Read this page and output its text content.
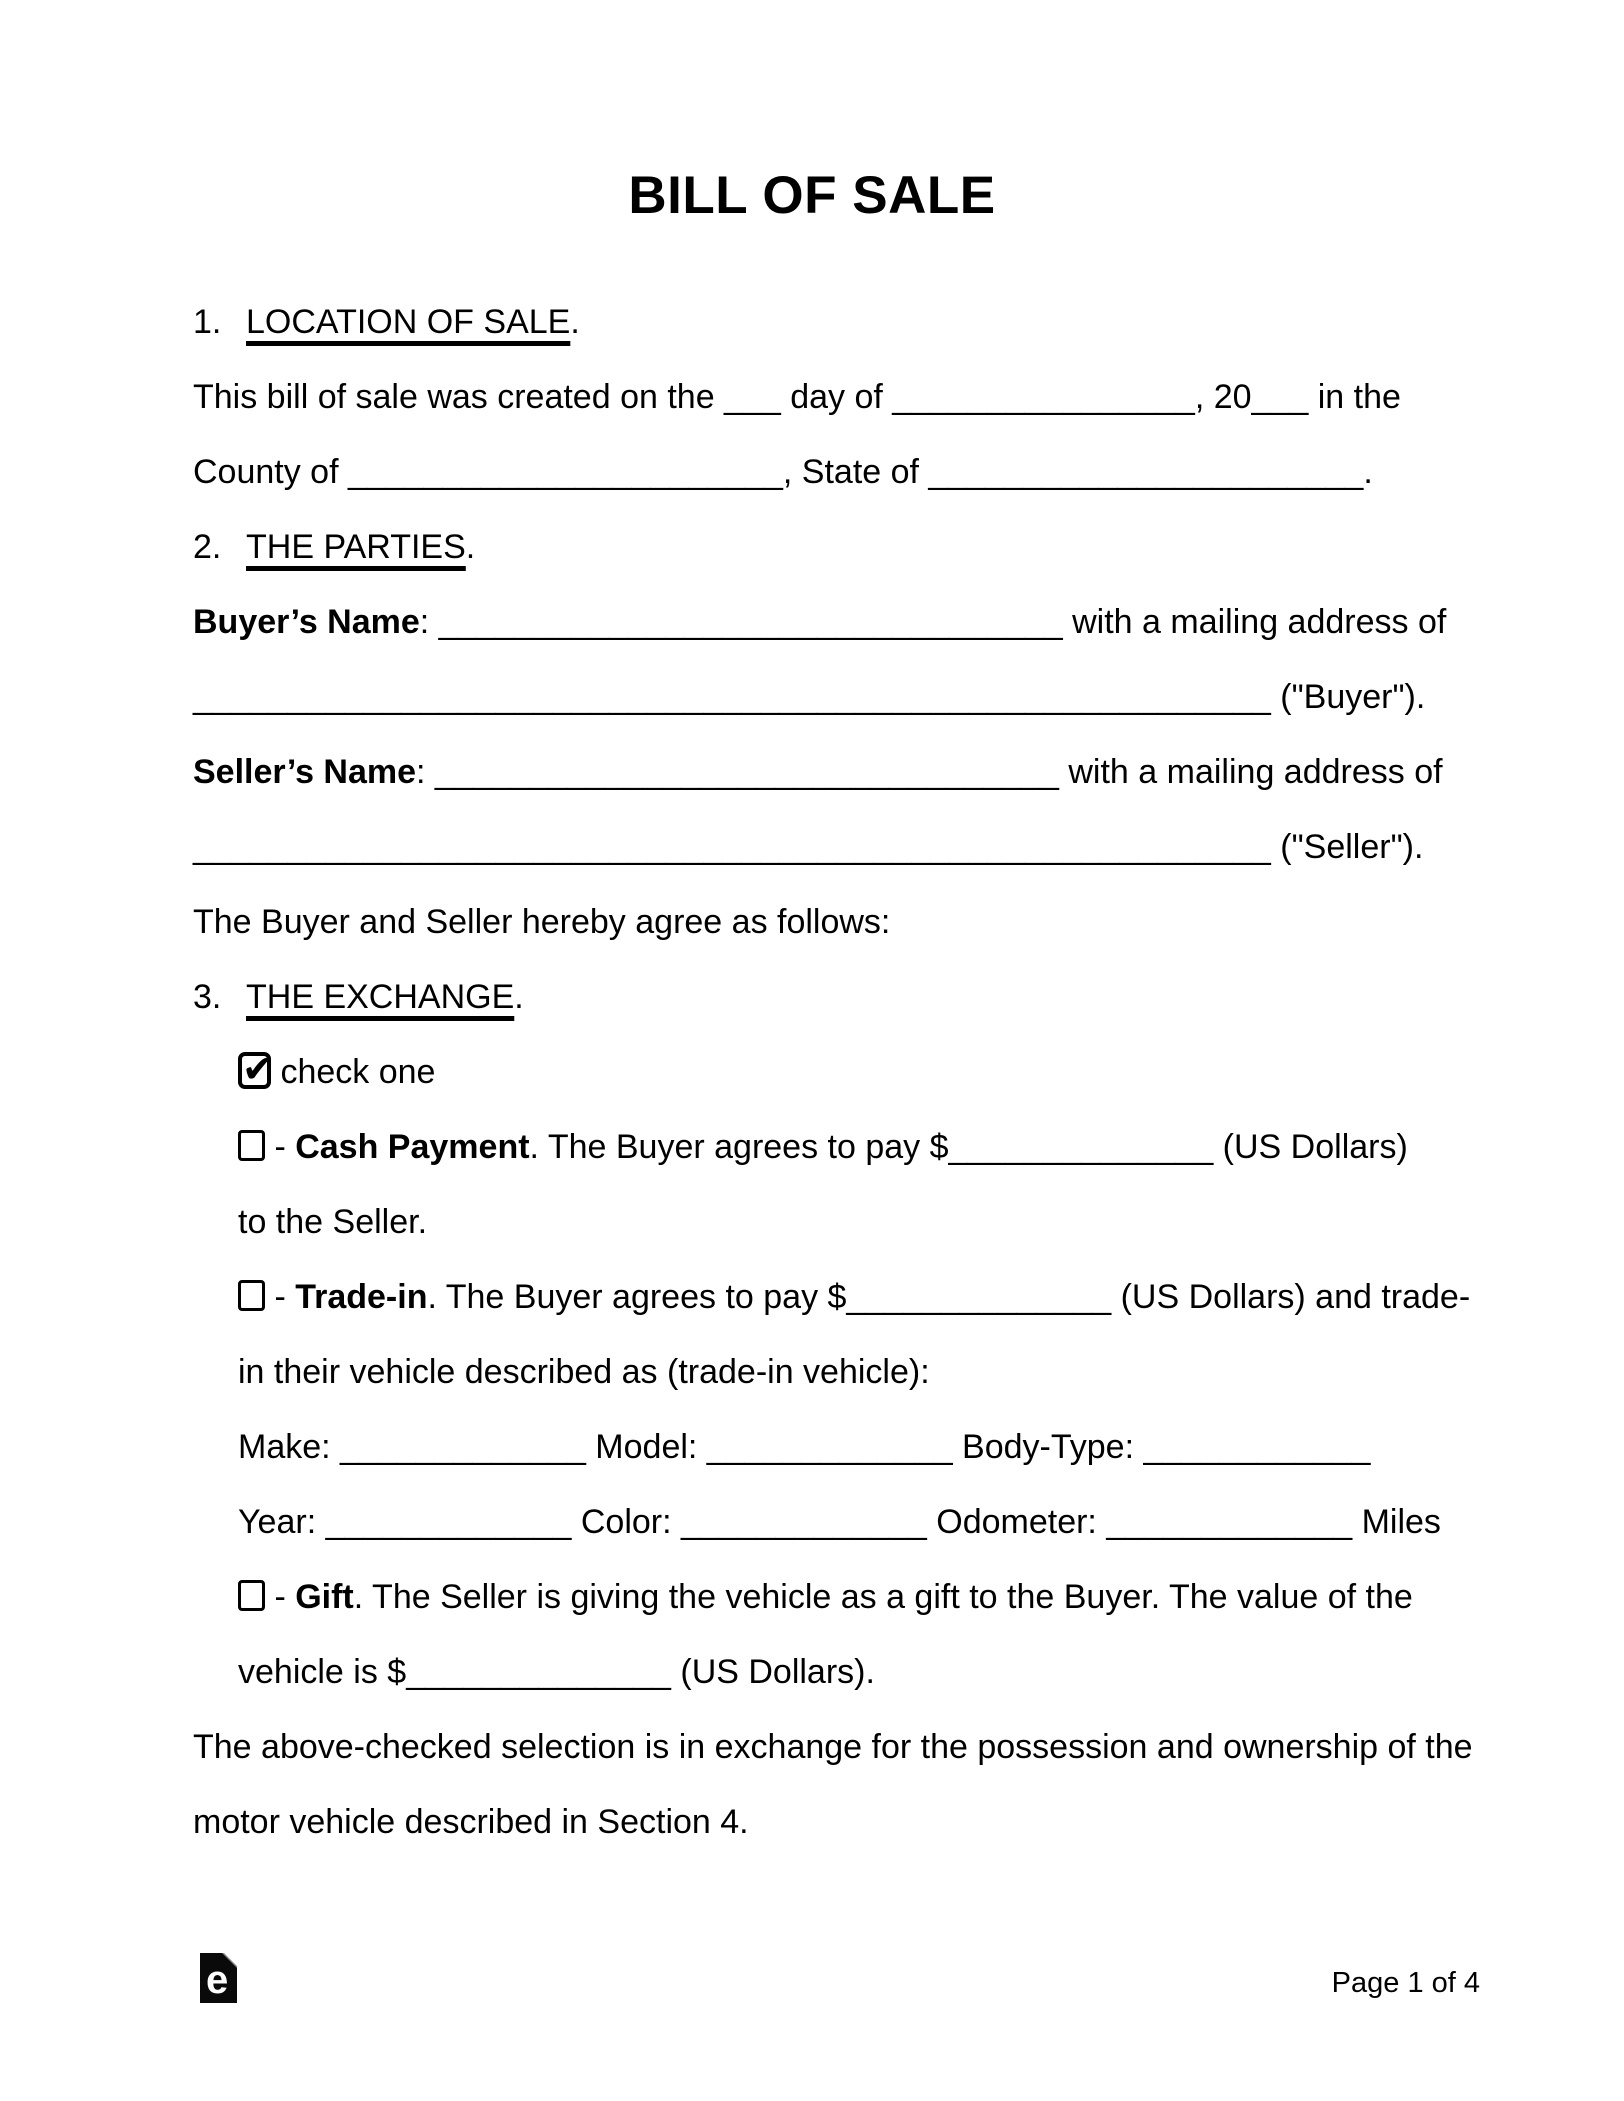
BILL OF SALE
1. LOCATION OF SALE.
This bill of sale was created on the ___ day of ________________, 20___ in the
County of _______________________, State of _______________________.
2. THE PARTIES.
Buyer’s Name: _________________________________ with a mailing address of
_________________________________________________________ ("Buyer").
Seller’s Name: _________________________________ with a mailing address of
_________________________________________________________ ("Seller").
The Buyer and Seller hereby agree as follows:
3. THE EXCHANGE.
✔
check one
- Cash Payment. The Buyer agrees to pay $______________ (US Dollars)
to the Seller.
- Trade-in. The Buyer agrees to pay $______________ (US Dollars) and trade-
in their vehicle described as (trade-in vehicle):
Make: _____________ Model: _____________ Body-Type: ____________
Year: _____________ Color: _____________ Odometer: _____________ Miles
- Gift. The Seller is giving the vehicle as a gift to the Buyer. The value of the
vehicle is $______________ (US Dollars).
The above-checked selection is in exchange for the possession and ownership of the
motor vehicle described in Section 4.
e	Page 1 of 4
